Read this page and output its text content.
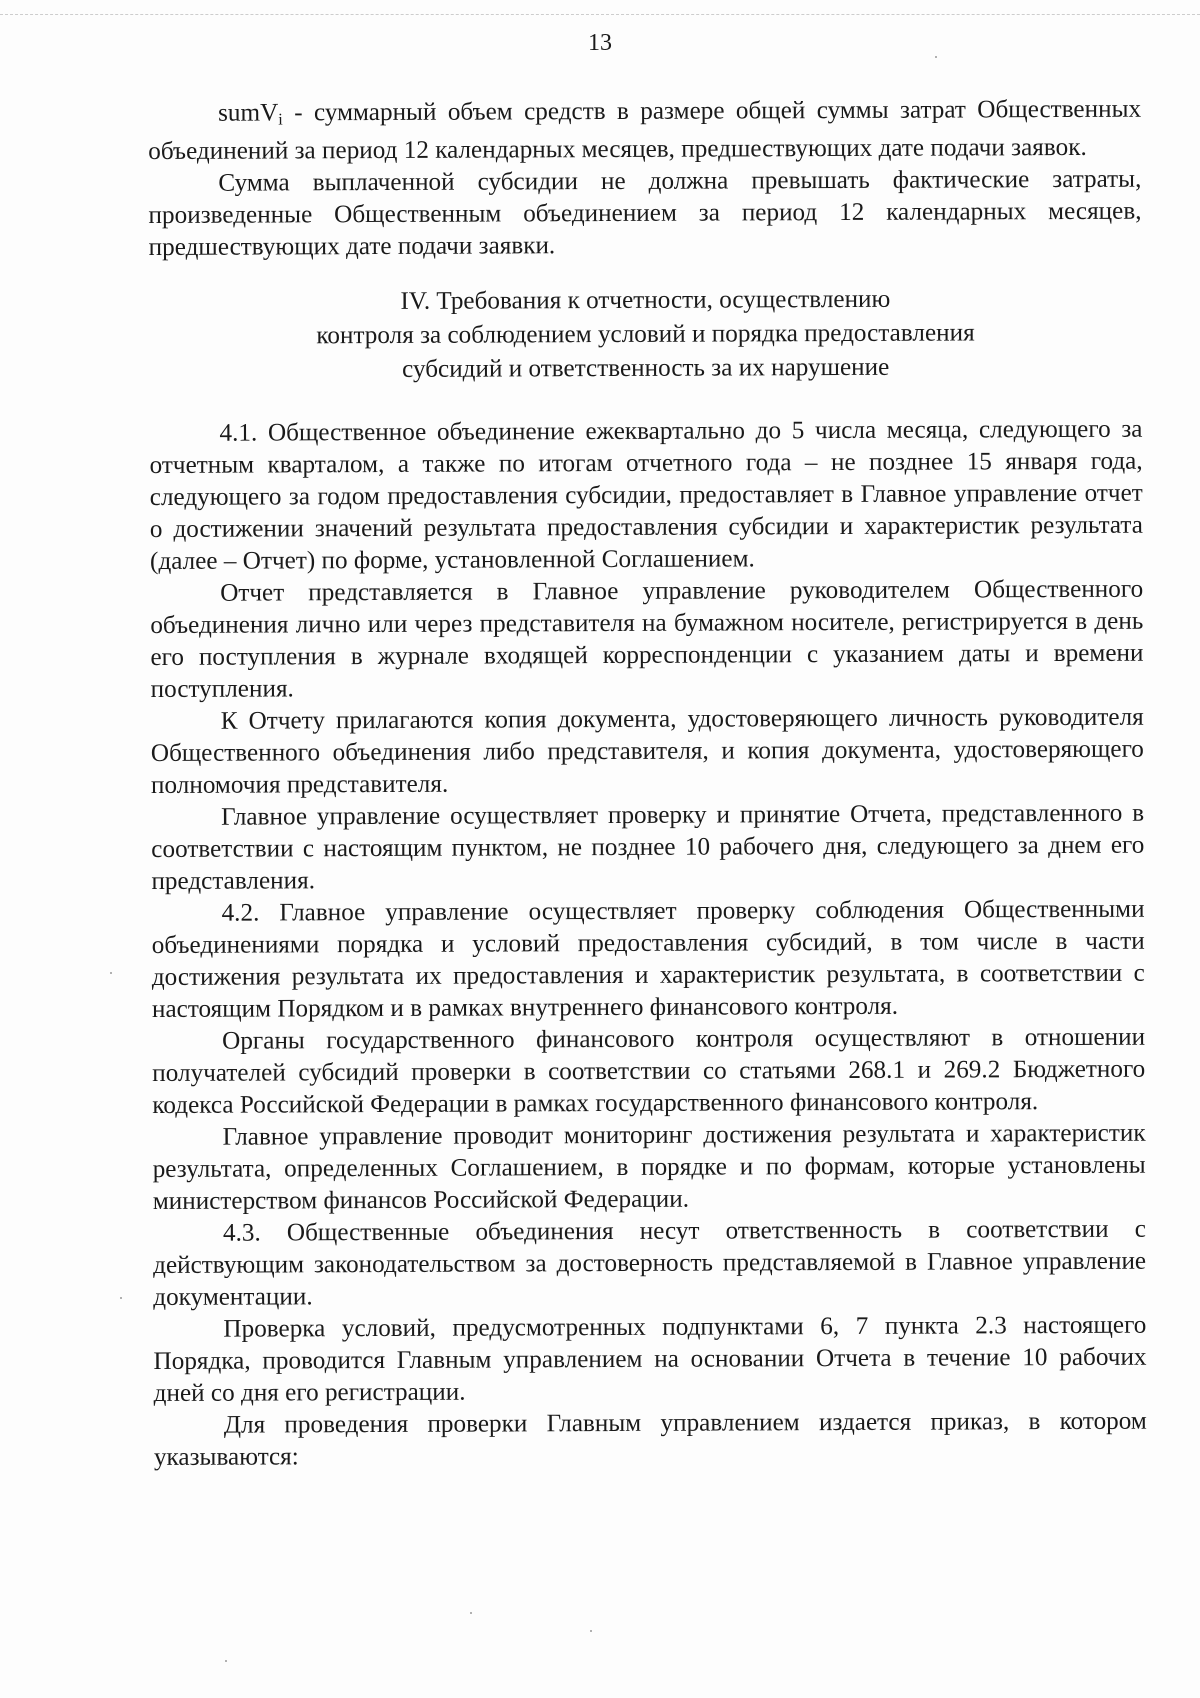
13

sumV$_i$ - суммарный объем средств в размере общей суммы затрат Общественных объединений за период 12 календарных месяцев, предшествующих дате подачи заявок.

Сумма выплаченной субсидии не должна превышать фактические затраты, произведенные Общественным объединением за период 12 календарных месяцев, предшествующих дате подачи заявки.

IV. Требования к отчетности, осуществлению
контроля за соблюдением условий и порядка предоставления
субсидий и ответственность за их нарушение

4.1. Общественное объединение ежеквартально до 5 числа месяца, следующего за отчетным кварталом, а также по итогам отчетного года – не позднее 15 января года, следующего за годом предоставления субсидии, предоставляет в Главное управление отчет о достижении значений результата предоставления субсидии и характеристик результата (далее – Отчет) по форме, установленной Соглашением.

Отчет представляется в Главное управление руководителем Общественного объединения лично или через представителя на бумажном носителе, регистрируется в день его поступления в журнале входящей корреспонденции с указанием даты и времени поступления.

К Отчету прилагаются копия документа, удостоверяющего личность руководителя Общественного объединения либо представителя, и копия документа, удостоверяющего полномочия представителя.

Главное управление осуществляет проверку и принятие Отчета, представленного в соответствии с настоящим пунктом, не позднее 10 рабочего дня, следующего за днем его представления.

4.2. Главное управление осуществляет проверку соблюдения Общественными объединениями порядка и условий предоставления субсидий, в том числе в части достижения результата их предоставления и характеристик результата, в соответствии с настоящим Порядком и в рамках внутреннего финансового контроля.

Органы государственного финансового контроля осуществляют в отношении получателей субсидий проверки в соответствии со статьями 268.1 и 269.2 Бюджетного кодекса Российской Федерации в рамках государственного финансового контроля.

Главное управление проводит мониторинг достижения результата и характеристик результата, определенных Соглашением, в порядке и по формам, которые установлены министерством финансов Российской Федерации.

4.3. Общественные объединения несут ответственность в соответствии с действующим законодательством за достоверность представляемой в Главное управление документации.

Проверка условий, предусмотренных подпунктами 6, 7 пункта 2.3 настоящего Порядка, проводится Главным управлением на основании Отчета в течение 10 рабочих дней со дня его регистрации.

Для проведения проверки Главным управлением издается приказ, в котором указываются:
